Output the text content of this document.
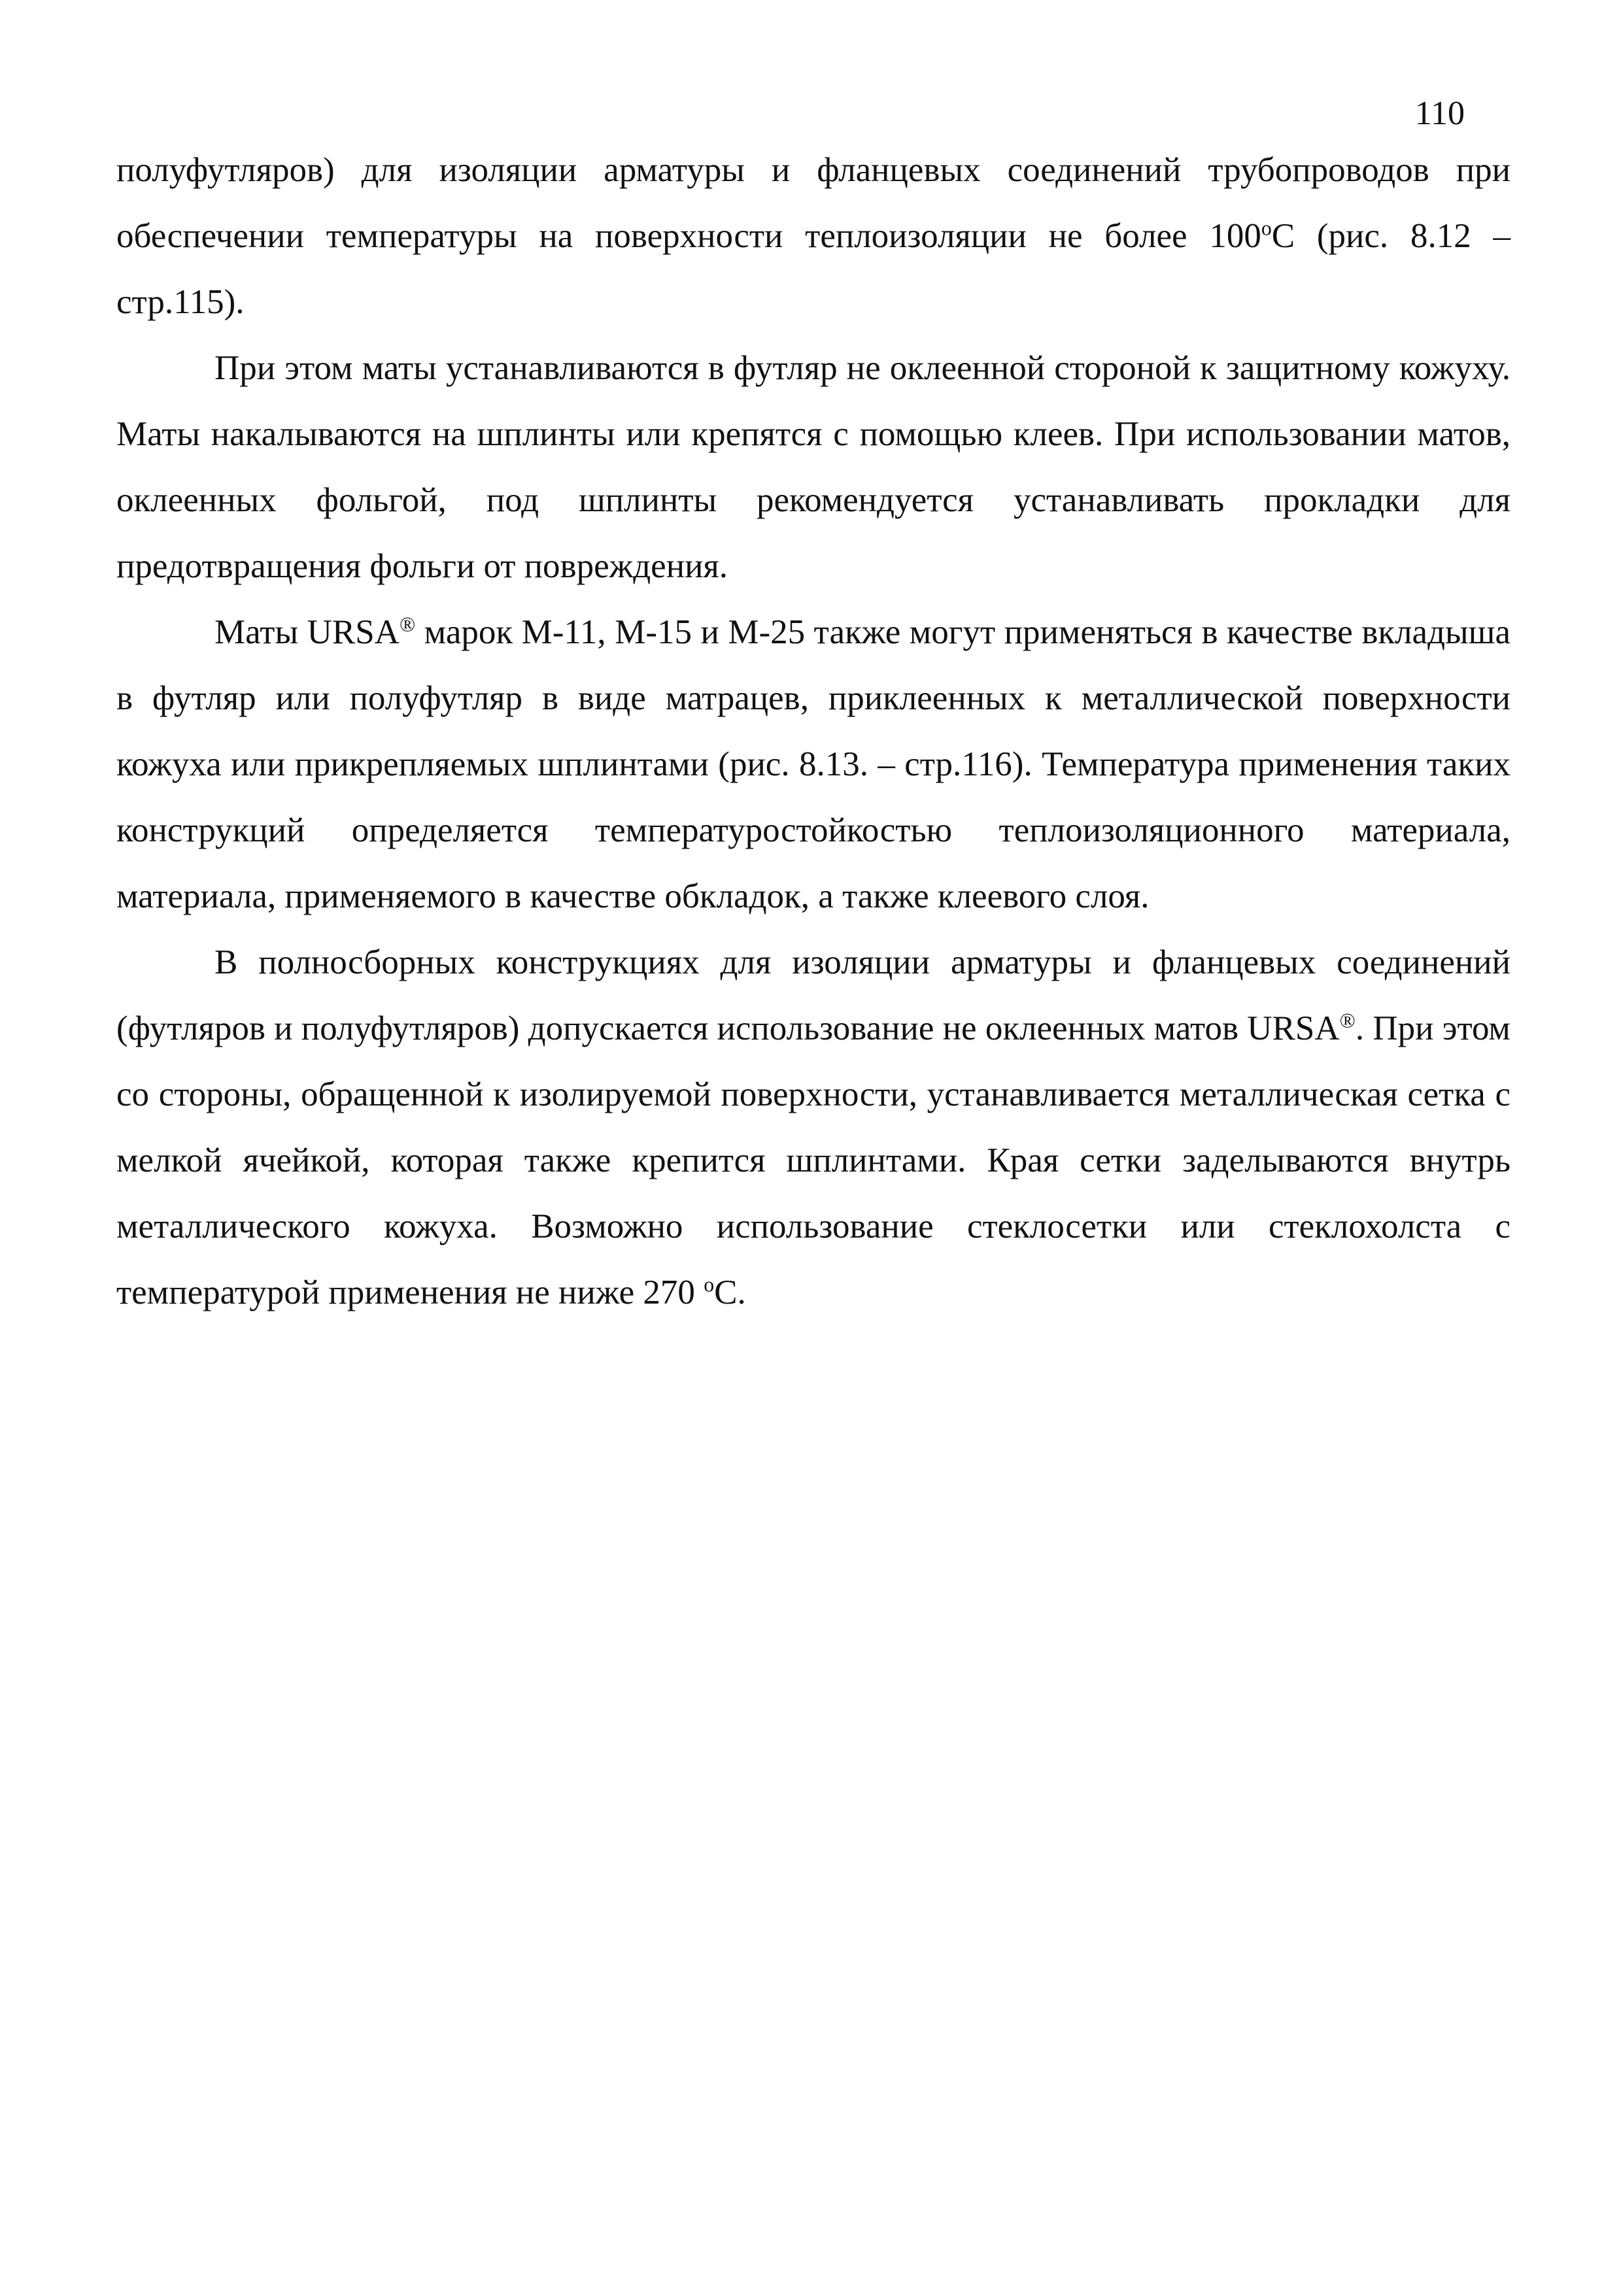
110

полуфутляров) для изоляции арматуры и фланцевых соединений трубопроводов при обеспечении температуры на поверхности теплоизоляции не более 100$^o$С (рис. 8.12 – стр.115).

При этом маты устанавливаются в футляр не оклеенной стороной к защитному кожуху. Маты накалываются на шплинты или крепятся с помощью клеев. При использовании матов, оклеенных фольгой, под шплинты рекомендуется устанавливать прокладки для предотвращения фольги от повреждения.

Маты URSA® марок М-11, М-15 и М-25 также могут применяться в качестве вкладыша в футляр или полуфутляр в виде матрацев, приклеенных к металлической поверхности кожуха или прикрепляемых шплинтами (рис. 8.13. – стр.116). Температура применения таких конструкций определяется температуростойкостью теплоизоляционного материала, материала, применяемого в качестве обкладок, а также клеевого слоя.

В полносборных конструкциях для изоляции арматуры и фланцевых соединений (футляров и полуфутляров) допускается использование не оклеенных матов URSA®. При этом со стороны, обращенной к изолируемой поверхности, устанавливается металлическая сетка с мелкой ячейкой, которая также крепится шплинтами. Края сетки заделываются внутрь металлического кожуха. Возможно использование стеклосетки или стеклохолста с температурой применения не ниже 270 $^o$С.
